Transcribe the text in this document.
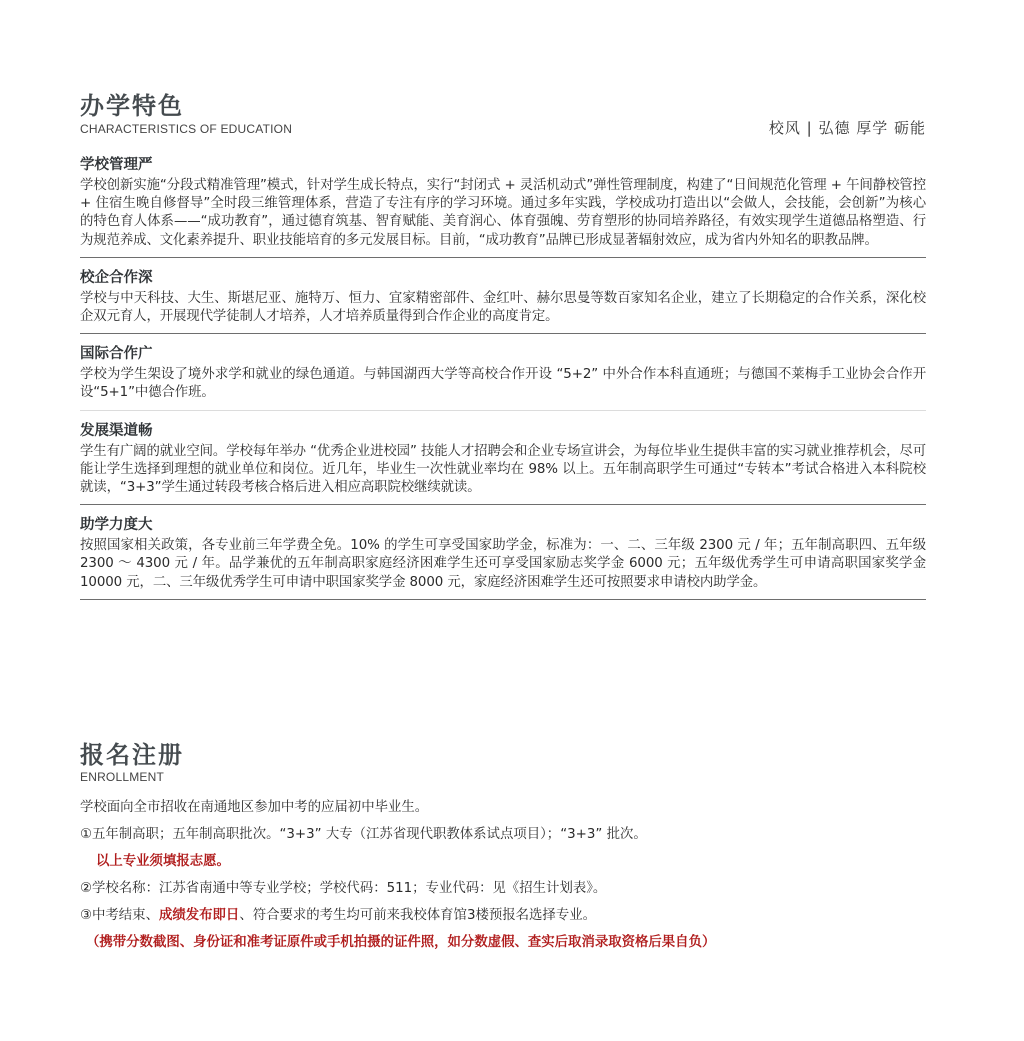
办学特色
CHARACTERISTICS OF EDUCATION	校风 | 弘德 厚学 砺能
学校管理严
学校创新实施“分段式精准管理”模式，针对学生成长特点，实行“封闭式 + 灵活机动式”弹性管理制度，构建了“日间规范化管理 + 午间静校管控 + 住宿生晚自修督导”全时段三维管理体系，营造了专注有序的学习环境。通过多年实践，学校成功打造出以“会做人，会技能，会创新”为核心的特色育人体系——“成功教育”，通过德育筑基、智育赋能、美育润心、体育强魄、劳育塑形的协同培养路径，有效实现学生道德品格塑造、行为规范养成、文化素养提升、职业技能培育的多元发展目标。目前，“成功教育”品牌已形成显著辐射效应，成为省内外知名的职教品牌。
校企合作深
学校与中天科技、大生、斯堪尼亚、施特万、恒力、宜家精密部件、金红叶、赫尔思曼等数百家知名企业，建立了长期稳定的合作关系，深化校企双元育人，开展现代学徒制人才培养，人才培养质量得到合作企业的高度肯定。
国际合作广
学校为学生架设了境外求学和就业的绿色通道。与韩国湖西大学等高校合作开设 “5+2” 中外合作本科直通班；与德国不莱梅手工业协会合作开设“5+1”中德合作班。
发展渠道畅
学生有广阔的就业空间。学校每年举办 “优秀企业进校园” 技能人才招聘会和企业专场宣讲会，为每位毕业生提供丰富的实习就业推荐机会，尽可能让学生选择到理想的就业单位和岗位。近几年，毕业生一次性就业率均在 98% 以上。五年制高职学生可通过“专转本”考试合格进入本科院校就读，“3+3”学生通过转段考核合格后进入相应高职院校继续就读。
助学力度大
按照国家相关政策，各专业前三年学费全免。10% 的学生可享受国家助学金，标准为：一、二、三年级 2300 元 / 年；五年制高职四、五年级 2300 ～ 4300 元 / 年。品学兼优的五年制高职家庭经济困难学生还可享受国家励志奖学金 6000 元；五年级优秀学生可申请高职国家奖学金 10000 元，二、三年级优秀学生可申请中职国家奖学金 8000 元，家庭经济困难学生还可按照要求申请校内助学金。
报名注册
ENROLLMENT
学校面向全市招收在南通地区参加中考的应届初中毕业生。
①五年制高职；五年制高职批次。“3+3” 大专（江苏省现代职教体系试点项目）；“3+3” 批次。
以上专业须填报志愿。
②学校名称：江苏省南通中等专业学校；学校代码：511；专业代码：见《招生计划表》。
③中考结束、成绩发布即日、符合要求的考生均可前来我校体育馆3楼预报名选择专业。
（携带分数截图、身份证和准考证原件或手机拍摄的证件照，如分数虚假、查实后取消录取资格后果自负）
